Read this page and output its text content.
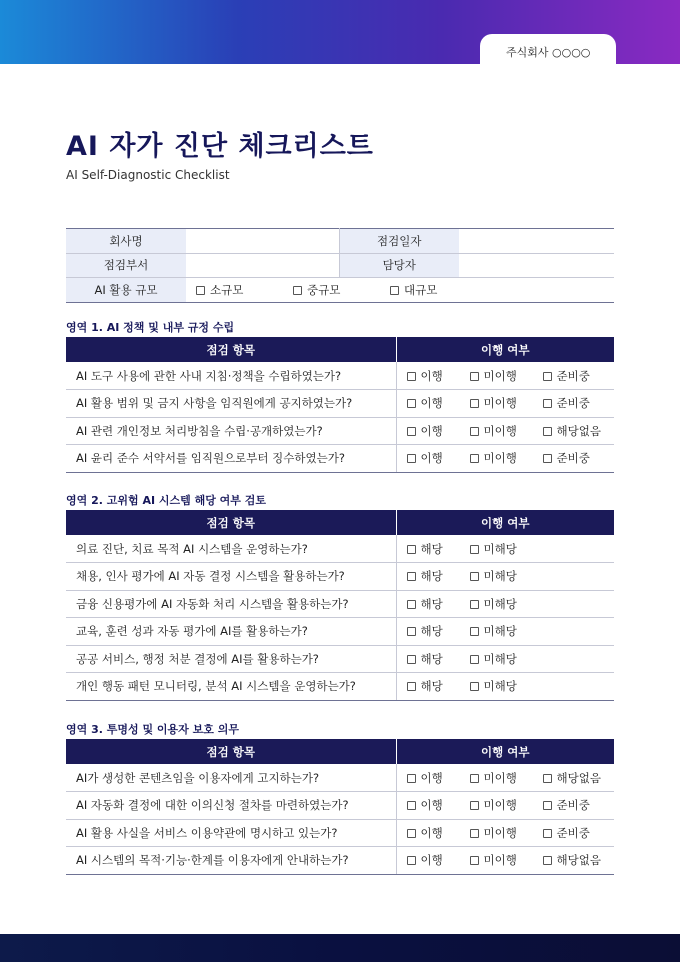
주식회사 ○○○○
AI 자가 진단 체크리스트
AI Self-Diagnostic Checklist
회사명		점검일자	
점검부서		담당자	
AI 활용 규모	소규모 중규모 대규모		
영역 1. AI 정책 및 내부 규정 수립
점검 항목	이행 여부
AI 도구 사용에 관한 사내 지침·정책을 수립하였는가?	이행 미이행 준비중
AI 활용 범위 및 금지 사항을 임직원에게 공지하였는가?	이행 미이행 준비중
AI 관련 개인정보 처리방침을 수립·공개하였는가?	이행 미이행 해당없음
AI 윤리 준수 서약서를 임직원으로부터 징수하였는가?	이행 미이행 준비중
영역 2. 고위험 AI 시스템 해당 여부 검토
점검 항목	이행 여부
의료 진단, 치료 목적 AI 시스템을 운영하는가?	해당 미해당
채용, 인사 평가에 AI 자동 결정 시스템을 활용하는가?	해당 미해당
금융 신용평가에 AI 자동화 처리 시스템을 활용하는가?	해당 미해당
교육, 훈련 성과 자동 평가에 AI를 활용하는가?	해당 미해당
공공 서비스, 행정 처분 결정에 AI를 활용하는가?	해당 미해당
개인 행동 패턴 모니터링, 분석 AI 시스템을 운영하는가?	해당 미해당
영역 3. 투명성 및 이용자 보호 의무
점검 항목	이행 여부
AI가 생성한 콘텐츠임을 이용자에게 고지하는가?	이행 미이행 해당없음
AI 자동화 결정에 대한 이의신청 절차를 마련하였는가?	이행 미이행 준비중
AI 활용 사실을 서비스 이용약관에 명시하고 있는가?	이행 미이행 준비중
AI 시스템의 목적·기능·한계를 이용자에게 안내하는가?	이행 미이행 해당없음
